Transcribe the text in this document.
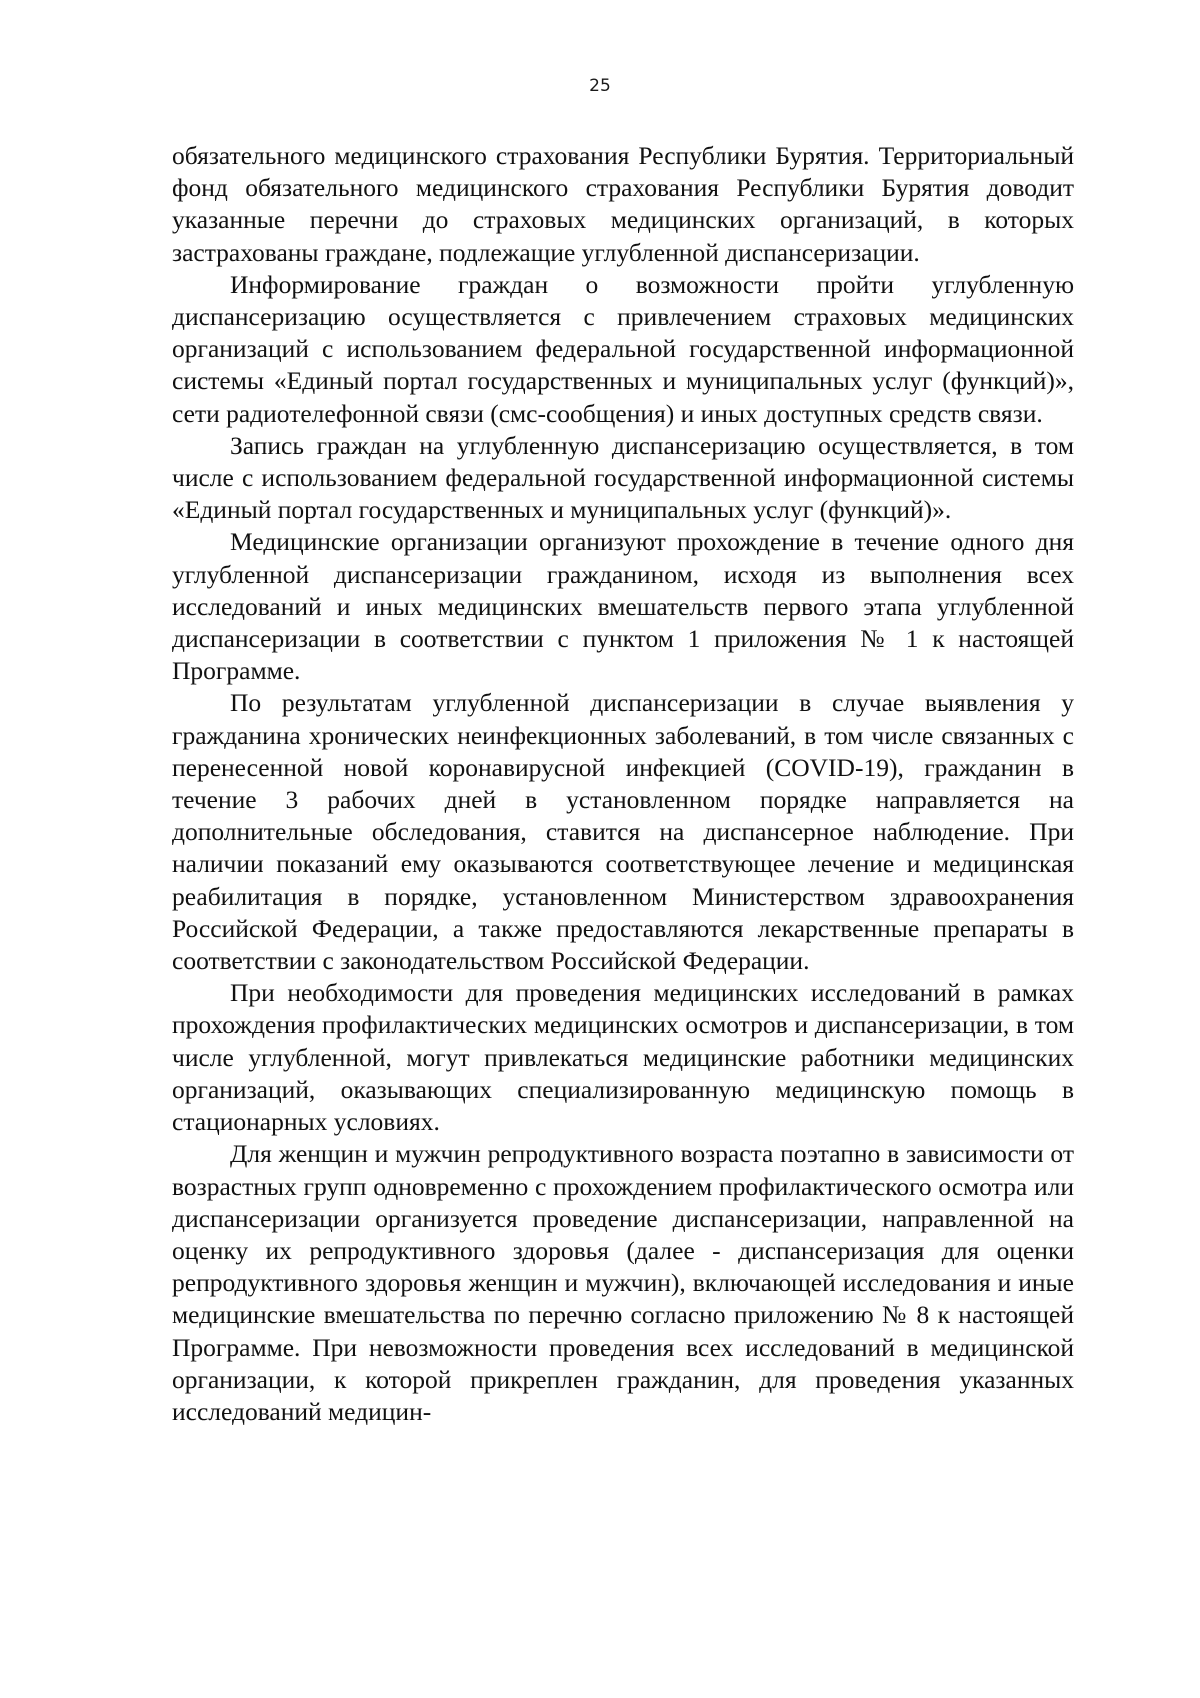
25

обязательного медицинского страхования Республики Бурятия. Территориальный фонд обязательного медицинского страхования Республики Бурятия доводит указанные перечни до страховых медицинских организаций, в которых застрахованы граждане, подлежащие углубленной диспансеризации.

Информирование граждан о возможности пройти углубленную диспансеризацию осуществляется с привлечением страховых медицинских организаций с использованием федеральной государственной информационной системы «Единый портал государственных и муниципальных услуг (функций)», сети радиотелефонной связи (смс-сообщения) и иных доступных средств связи.

Запись граждан на углубленную диспансеризацию осуществляется, в том числе с использованием федеральной государственной информационной системы «Единый портал государственных и муниципальных услуг (функций)».

Медицинские организации организуют прохождение в течение одного дня углубленной диспансеризации гражданином, исходя из выполнения всех исследований и иных медицинских вмешательств первого этапа углубленной диспансеризации в соответствии с пунктом 1 приложения № 1 к настоящей Программе.

По результатам углубленной диспансеризации в случае выявления у гражданина хронических неинфекционных заболеваний, в том числе связанных с перенесенной новой коронавирусной инфекцией (COVID-19), гражданин в течение 3 рабочих дней в установленном порядке направляется на дополнительные обследования, ставится на диспансерное наблюдение. При наличии показаний ему оказываются соответствующее лечение и медицинская реабилитация в порядке, установленном Министерством здравоохранения Российской Федерации, а также предоставляются лекарственные препараты в соответствии с законодательством Российской Федерации.

При необходимости для проведения медицинских исследований в рамках прохождения профилактических медицинских осмотров и диспансеризации, в том числе углубленной, могут привлекаться медицинские работники медицинских организаций, оказывающих специализированную медицинскую помощь в стационарных условиях.

Для женщин и мужчин репродуктивного возраста поэтапно в зависимости от возрастных групп одновременно с прохождением профилактического осмотра или диспансеризации организуется проведение диспансеризации, направленной на оценку их репродуктивного здоровья (далее - диспансеризация для оценки репродуктивного здоровья женщин и мужчин), включающей исследования и иные медицинские вмешательства по перечню согласно приложению № 8 к настоящей Программе. При невозможности проведения всех исследований в медицинской организации, к которой прикреплен гражданин, для проведения указанных исследований медицин-
